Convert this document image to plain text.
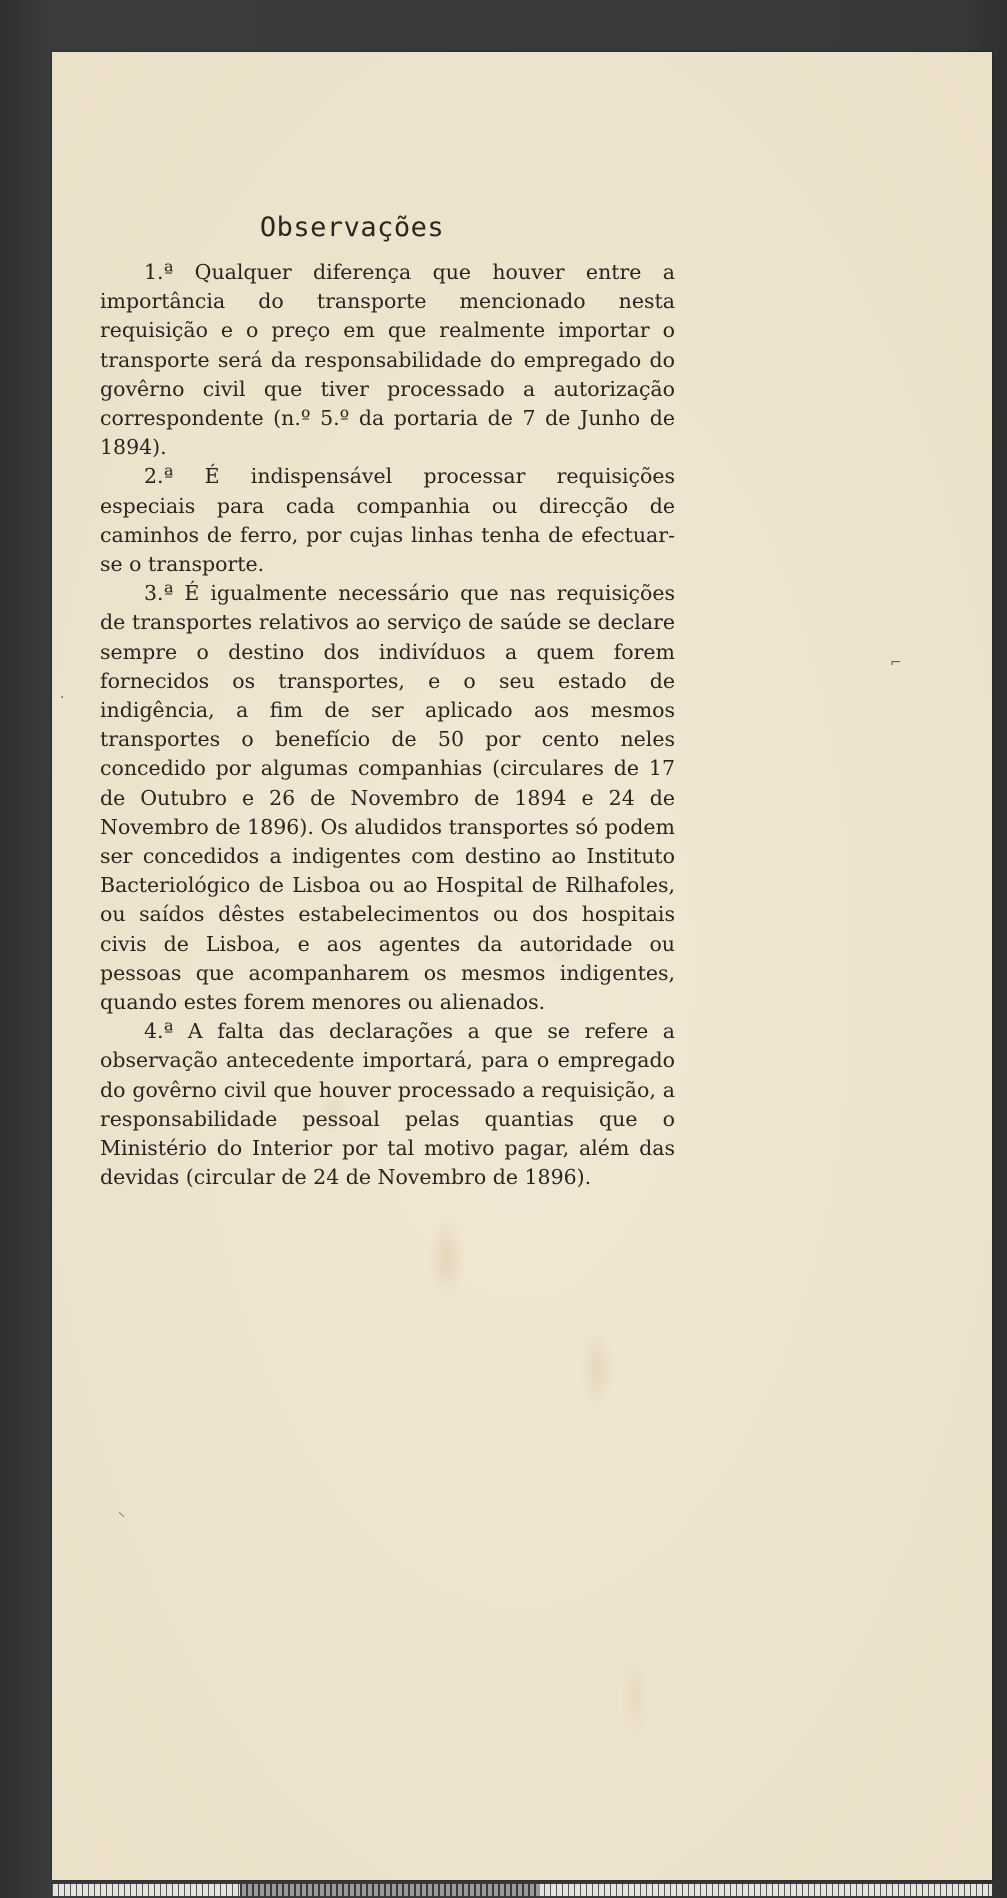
Observações

1.ª Qualquer diferença que houver entre a importância do transporte mencionado nesta requisição e o preço em que realmente importar o transporte será da responsabilidade do empregado do govêrno civil que tiver processado a autorização correspondente (n.º 5.º da portaria de 7 de Junho de 1894).

2.ª É indispensável processar requisições especiais para cada companhia ou direcção de caminhos de ferro, por cujas linhas tenha de efectuar-se o transporte.

3.ª É igualmente necessário que nas requisições de transportes relativos ao serviço de saúde se declare sempre o destino dos indivíduos a quem forem fornecidos os transportes, e o seu estado de indigência, a fim de ser aplicado aos mesmos transportes o benefício de 50 por cento neles concedido por algumas companhias (circulares de 17 de Outubro e 26 de Novembro de 1894 e 24 de Novembro de 1896). Os aludidos transportes só podem ser concedidos a indigentes com destino ao Instituto Bacteriológico de Lisboa ou ao Hospital de Rilhafoles, ou saídos dêstes estabelecimentos ou dos hospitais civis de Lisboa, e aos agentes da autoridade ou pessoas que acompanharem os mesmos indigentes, quando estes forem menores ou alienados.

4.ª A falta das declarações a que se refere a observação antecedente importará, para o empregado do govêrno civil que houver processado a requisição, a responsabilidade pessoal pelas quantias que o Ministério do Interior por tal motivo pagar, além das devidas (circular de 24 de Novembro de 1896).

⌐
·
⸜
